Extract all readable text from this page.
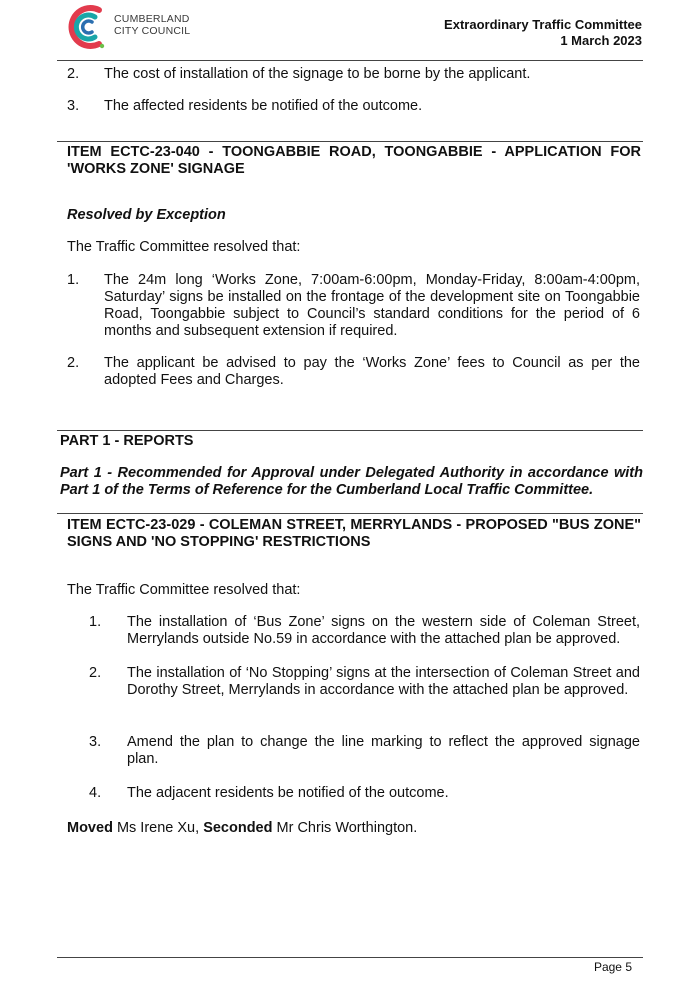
CUMBERLAND
CITY COUNCIL	Extraordinary Traffic Committee
1 March 2023
2.	The cost of installation of the signage to be borne by the applicant.
3.	The affected residents be notified of the outcome.
ITEM ECTC-23-040 - TOONGABBIE ROAD, TOONGABBIE - APPLICATION FOR 'WORKS ZONE' SIGNAGE
Resolved by Exception
The Traffic Committee resolved that:
1.	The 24m long ‘Works Zone, 7:00am-6:00pm, Monday-Friday, 8:00am-4:00pm, Saturday’ signs be installed on the frontage of the development site on Toongabbie Road, Toongabbie subject to Council’s standard conditions for the period of 6 months and subsequent extension if required.
2.	The applicant be advised to pay the ‘Works Zone’ fees to Council as per the adopted Fees and Charges.
PART 1 - REPORTS
Part 1 - Recommended for Approval under Delegated Authority in accordance with Part 1 of the Terms of Reference for the Cumberland Local Traffic Committee.
ITEM ECTC-23-029 - COLEMAN STREET, MERRYLANDS - PROPOSED "BUS ZONE" SIGNS AND 'NO STOPPING' RESTRICTIONS
The Traffic Committee resolved that:
1.	The installation of ‘Bus Zone’ signs on the western side of Coleman Street, Merrylands outside No.59 in accordance with the attached plan be approved.
2.	The installation of ‘No Stopping’ signs at the intersection of Coleman Street and Dorothy Street, Merrylands in accordance with the attached plan be approved.
3.	Amend the plan to change the line marking to reflect the approved signage plan.
4.	The adjacent residents be notified of the outcome.
Moved Ms Irene Xu, Seconded Mr Chris Worthington.
Page 5
